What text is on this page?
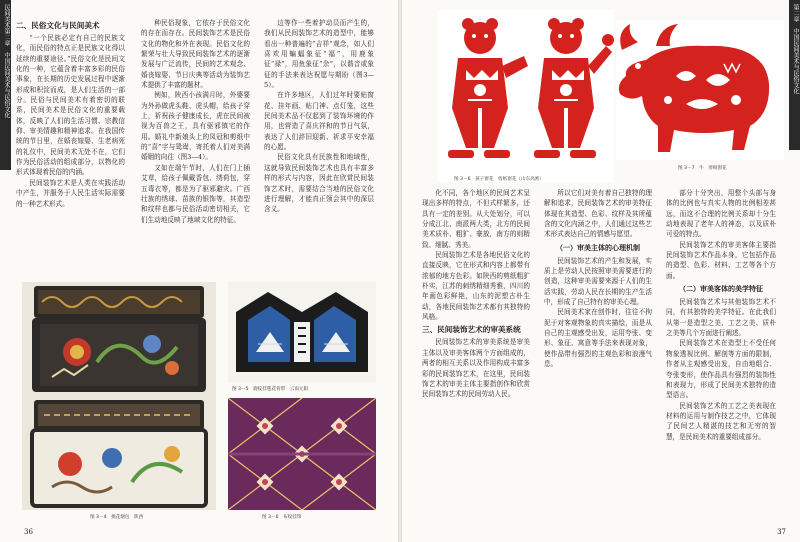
民间美术第二章　中国民间美术与民俗文化 二、民俗文化与民间美术

“一个民族必定有自己的民族文化，而民俗的特点正是民族文化得以延续的重要途径。”民俗文化是民间文化的一种，它蕴含着丰富多彩的民俗事象，在长期的历史发展过程中逐渐形成和积淀而成，是人们生活的一部分。民俗与民间美术有着密切的联系，民间美术是民俗文化的重要载体，反映了人们的生活习惯、宗教信仰、审美情趣和精神追求。在我国传统的节日里，在婚丧嫁娶、生老病死的礼仪中，民间美术无处不在，它们作为民俗活动的组成部分，以物化的形式体现着民俗的内涵。

民间装饰艺术是人类在实践活动中产生，并服务于人民生活实际需要的一种艺术形式。

种民俗现象，它依存于民俗文化的存在而存在。民间装饰艺术是民俗文化的物化和外在表现。民俗文化的繁荣与壮大导致民间装饰艺术的逐渐发展与广泛流传，民间的艺术观念、婚丧嫁娶、节日庆典等活动为装饰艺术提供了丰富的题材。

例如，陕西小孩满月时，外婆要为外孙做虎头鞋、虎头帽，给孩子穿上，祈祝孩子健康成长，虎在民间被视为百兽之王，具有驱邪镇宅的作用。婚礼中新娘头上的凤冠和剪纸中的“喜”字与鸳鸯，寄托着人们对美满婚姻的向往（图3—4）。

又如在端午节时，人们在门上插艾草，给孩子佩戴香包、绣荷包，穿五毒衣等，都是为了驱邪避灾。广西壮族的绣球、苗族的银饰等，其造型和纹样也都与民俗活动密切相关，它们生动地反映了地域文化的特征。

边等作一些着护动员而产生的，我们从民间装饰艺术的造型中，能够看出一种普遍的“吉祥”观念，如人们喜欢用蝙蝠象征“福”，用鹿象征“禄”，用鱼象征“余”，以谐音或象征的手法来表达祝愿与期盼（图3—5）。

在许多地区，人们过年时要贴窗花、挂年画、贴门神、点灯笼，这些民间美术品不仅起到了装饰环境的作用，也营造了喜庆祥和的节日气氛，表达了人们辞旧迎新、祈求平安幸福的心愿。

民俗文化具有民族性和地域性，这就导致民间装饰艺术也具有丰富多样的形式与内容，因此在欣赏民间装饰艺术时，需要结合当地的民俗文化进行理解，才能真正领会其中的深层含义。

图 3－4　挑花烟包　陕西
图 3－5　鹿纹挂毯花背带　云南元阳
图 3－6　布纹挂饰
36
第二章　中国民间美术与民俗文化
图 3－6　孩子窗花　剪纸窗花（山东高密）
图 3－7　牛　剪纸窗花

化不同，各个地区的民间艺术呈现出多样的特点，不但式样繁多，还具有一定的差别。从大处划分，可以分成江北、南派两大类，北方的民间美术质朴、粗犷、豪放，南方的则精致、细腻、秀美。

民间装饰艺术是各地民俗文化的直接反映，它在形式和内容上都带有浓郁的地方色彩。如陕西的剪纸粗犷朴实，江苏的刺绣精细秀雅，四川的年画色彩鲜艳，山东的泥塑古朴生动，各地民间装饰艺术都有其独特的风格。

三、民间装饰艺术的审美系统

民间装饰艺术的审美系统是审美主体以及审美客体两个方面组成的，两者的相互关系以及作用构成丰富多彩的民间装饰艺术，在这里，民间装饰艺术的审美主体主要指创作和欣赏民间装饰艺术的民间劳动人民。

所以它们对美有着自己独特的理解和追求，民间装饰艺术的审美特征体现在其造型、色彩、纹样及其所蕴含的文化内涵之中，人们通过这些艺术形式表达自己的情感与愿望。

（一）审美主体的心理机制

民间装饰艺术的产生和发展，实质上是劳动人民按照审美需要进行的创造，这种审美需要来源于人们的生活实践，劳动人民在长期的生产生活中，形成了自己特有的审美心理。

民间美术家在创作时，往往不拘泥于对客观物象的真实描绘，而是从自己的主观感受出发，运用夸张、变形、象征、寓意等手法来表现对象，使作品带有强烈的主观色彩和浪漫气息。

部分十分突出，用整个头部与身体的比例也与真实人物的比例相差甚远，而这不合理的比例关系却十分生动地表现了老年人的神态，以及质朴可爱的特点。

民间装饰艺术的审美客体主要指民间装饰艺术作品本身，它包括作品的造型、色彩、材料、工艺等各个方面。

（二）审美客体的美学特征

民间装饰艺术与其他装饰艺术不同，有其独特的美学特征。在此我们从第一是造型之美、工艺之美、质朴之美等几个方面进行阐述。

民间装饰艺术在造型上不受任何物象透视比例、解剖等方面的限制，作者从主观感受出发，自由地组合、夸张变形，使作品具有强烈的装饰性和表现力，形成了民间美术独特的造型语言。

民间装饰艺术的工艺之美表现在材料的运用与制作技艺之中，它体现了民间艺人精湛的技艺和无穷的智慧，是民间美术的重要组成部分。

37
